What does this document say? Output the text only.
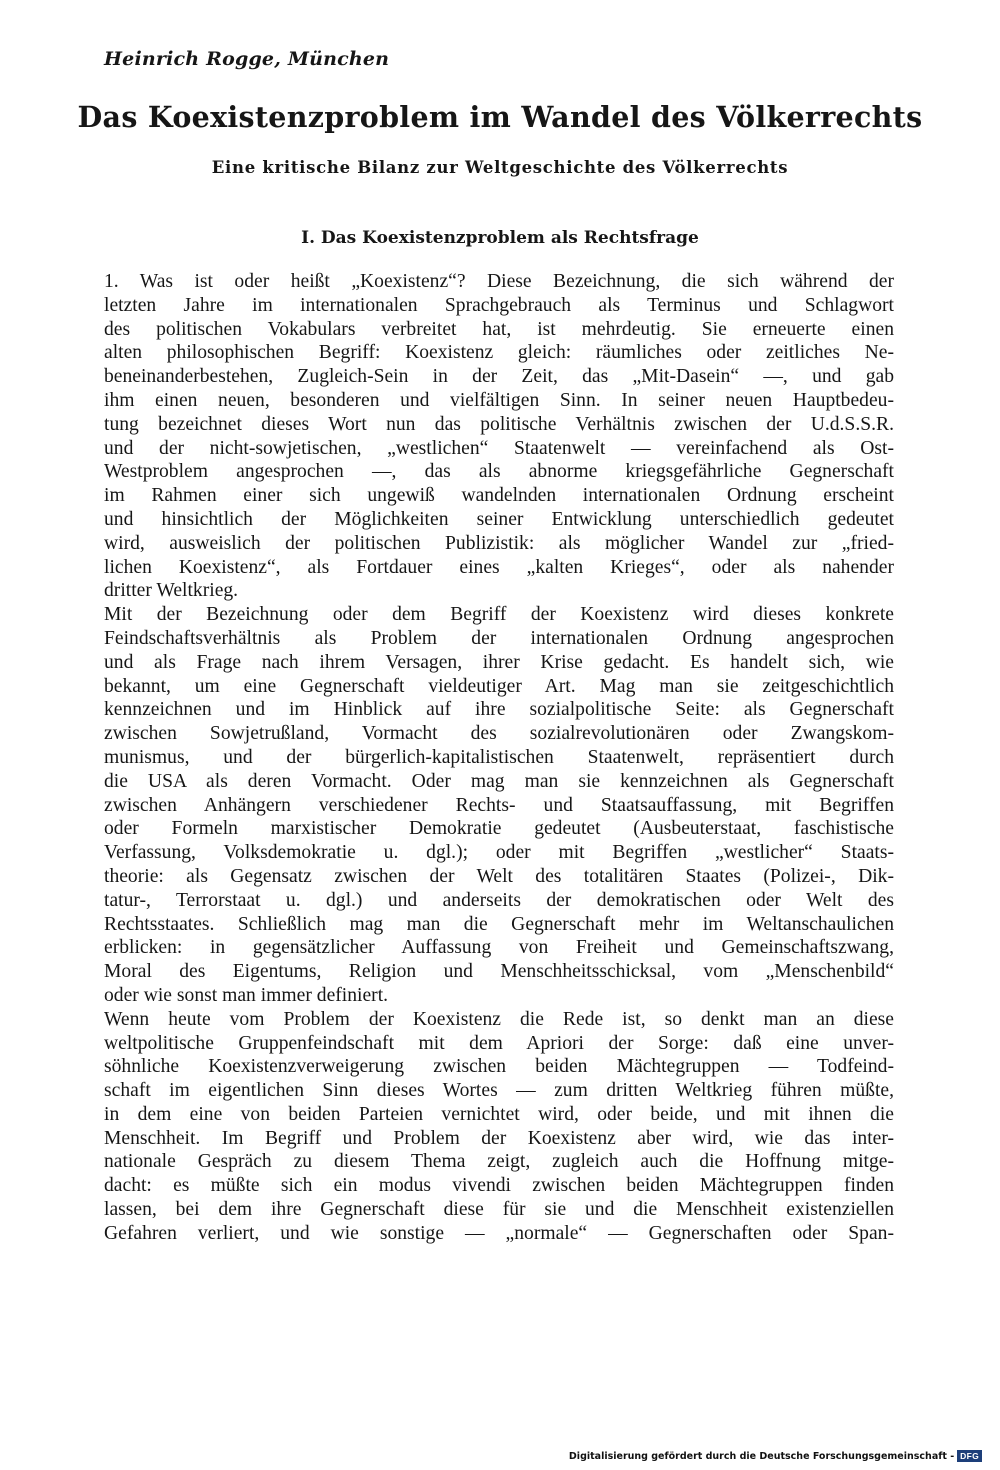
Heinrich Rogge, München
Das Koexistenzproblem im Wandel des Völkerrechts
Eine kritische Bilanz zur Weltgeschichte des Völkerrechts
I. Das Koexistenzproblem als Rechtsfrage
1. Was ist oder heißt „Koexistenz“? Diese Bezeichnung, die sich während der
letzten Jahre im internationalen Sprachgebrauch als Terminus und Schlagwort
des politischen Vokabulars verbreitet hat, ist mehrdeutig. Sie erneuerte einen
alten philosophischen Begriff: Koexistenz gleich: räumliches oder zeitliches Ne-
beneinanderbestehen, Zugleich-Sein in der Zeit, das „Mit-Dasein“ —, und gab
ihm einen neuen, besonderen und vielfältigen Sinn. In seiner neuen Hauptbedeu-
tung bezeichnet dieses Wort nun das politische Verhältnis zwischen der U.d.S.S.R.
und der nicht-sowjetischen, „westlichen“ Staatenwelt — vereinfachend als Ost-
Westproblem angesprochen —, das als abnorme kriegsgefährliche Gegnerschaft
im Rahmen einer sich ungewiß wandelnden internationalen Ordnung erscheint
und hinsichtlich der Möglichkeiten seiner Entwicklung unterschiedlich gedeutet
wird, ausweislich der politischen Publizistik: als möglicher Wandel zur „fried-
lichen Koexistenz“, als Fortdauer eines „kalten Krieges“, oder als nahender
dritter Weltkrieg.
Mit der Bezeichnung oder dem Begriff der Koexistenz wird dieses konkrete
Feindschaftsverhältnis als Problem der internationalen Ordnung angesprochen
und als Frage nach ihrem Versagen, ihrer Krise gedacht. Es handelt sich, wie
bekannt, um eine Gegnerschaft vieldeutiger Art. Mag man sie zeitgeschichtlich
kennzeichnen und im Hinblick auf ihre sozialpolitische Seite: als Gegnerschaft
zwischen Sowjetrußland, Vormacht des sozialrevolutionären oder Zwangskom-
munismus, und der bürgerlich-kapitalistischen Staatenwelt, repräsentiert durch
die USA als deren Vormacht. Oder mag man sie kennzeichnen als Gegnerschaft
zwischen Anhängern verschiedener Rechts- und Staatsauffassung, mit Begriffen
oder Formeln marxistischer Demokratie gedeutet (Ausbeuterstaat, faschistische
Verfassung, Volksdemokratie u. dgl.); oder mit Begriffen „westlicher“ Staats-
theorie: als Gegensatz zwischen der Welt des totalitären Staates (Polizei-, Dik-
tatur-, Terrorstaat u. dgl.) und anderseits der demokratischen oder Welt des
Rechtsstaates. Schließlich mag man die Gegnerschaft mehr im Weltanschaulichen
erblicken: in gegensätzlicher Auffassung von Freiheit und Gemeinschaftszwang,
Moral des Eigentums, Religion und Menschheitsschicksal, vom „Menschenbild“
oder wie sonst man immer definiert.
Wenn heute vom Problem der Koexistenz die Rede ist, so denkt man an diese
weltpolitische Gruppenfeindschaft mit dem Apriori der Sorge: daß eine unver-
söhnliche Koexistenzverweigerung zwischen beiden Mächtegruppen — Todfeind-
schaft im eigentlichen Sinn dieses Wortes — zum dritten Weltkrieg führen müßte,
in dem eine von beiden Parteien vernichtet wird, oder beide, und mit ihnen die
Menschheit. Im Begriff und Problem der Koexistenz aber wird, wie das inter-
nationale Gespräch zu diesem Thema zeigt, zugleich auch die Hoffnung mitge-
dacht: es müßte sich ein modus vivendi zwischen beiden Mächtegruppen finden
lassen, bei dem ihre Gegnerschaft diese für sie und die Menschheit existenziellen
Gefahren verliert, und wie sonstige — „normale“ — Gegnerschaften oder Span-
Digitalisierung gefördert durch die Deutsche Forschungsgemeinschaft - DFG
